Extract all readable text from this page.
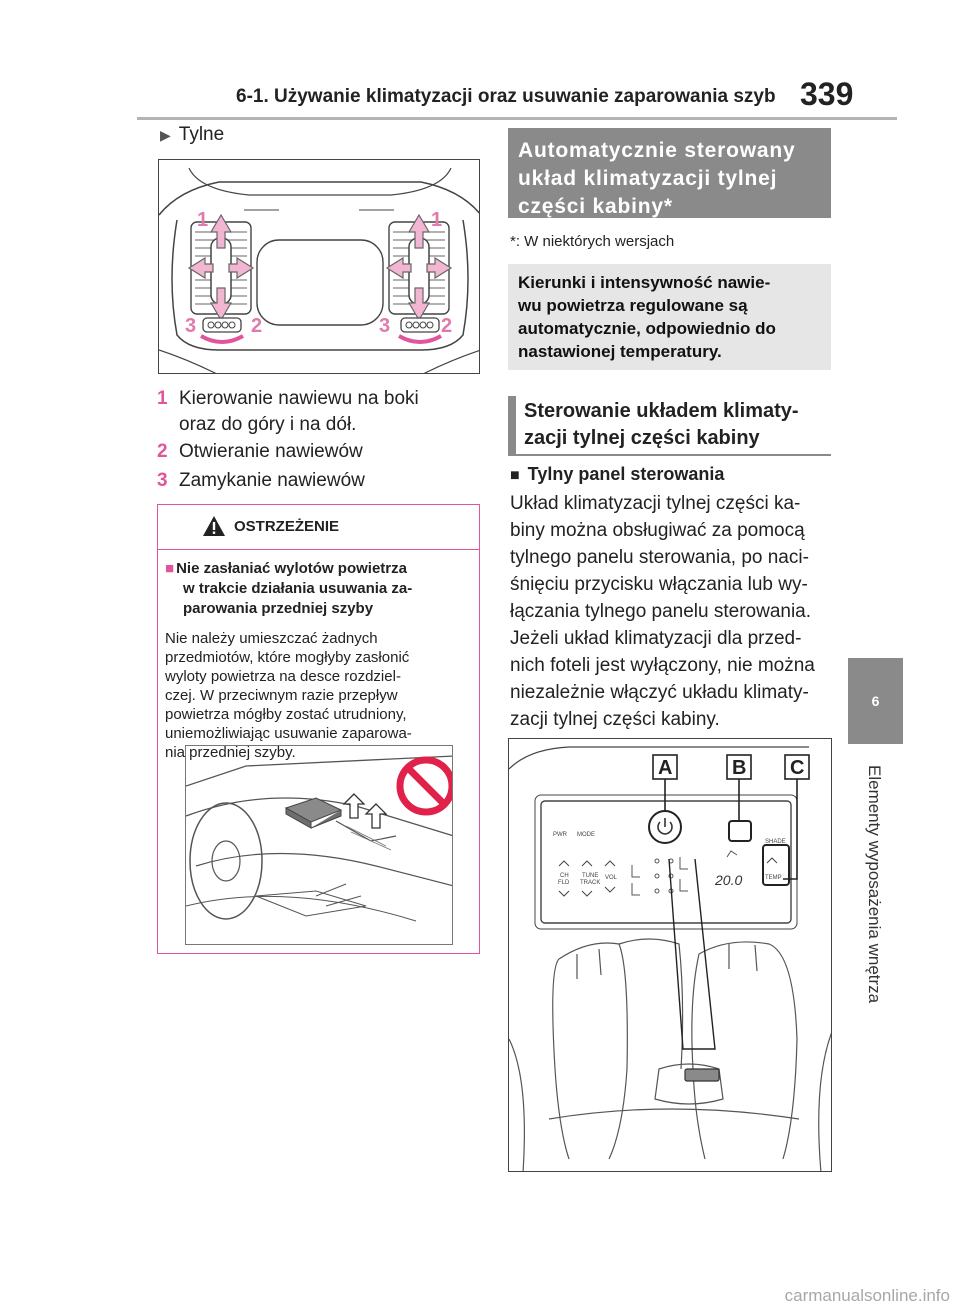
6-1. Używanie klimatyzacji oraz usuwanie zaparowania szyb 339
6
Elementy wyposażenia wnętrza
▶ Tylne
1	1
3	2	3	2
1 Kierowanie nawiewu na boki
oraz do góry i na dół.
2 Otwieranie nawiewów
3 Zamykanie nawiewów
OSTRZEŻENIE
■ Nie zasłaniać wylotów powietrza
w trakcie działania usuwania za-
parowania przedniej szyby
Nie należy umieszczać żadnych
przedmiotów, które mogłyby zasłonić
wyloty powietrza na desce rozdziel-
czej. W przeciwnym razie przepływ
powietrza mógłby zostać utrudniony,
uniemożliwiając usuwanie zaparowa-
nia przedniej szyby.
Automatycznie sterowany
układ klimatyzacji tylnej
części kabiny*
*: W niektórych wersjach
Kierunki i intensywność nawie-
wu powietrza regulowane są
automatycznie, odpowiednio do
nastawionej temperatury.
Sterowanie układem klimaty-
zacji tylnej części kabiny
■ Tylny panel sterowania
Układ klimatyzacji tylnej części ka-
biny można obsługiwać za pomocą
tylnego panelu sterowania, po naci-
śnięciu przycisku włączania lub wy-
łączania tylnego panelu sterowania.
Jeżeli układ klimatyzacji dla przed-
nich foteli jest wyłączony, nie można
niezależnie włączyć układu klimaty-
zacji tylnej części kabiny.
A	B C
PWR MODE
CH
FLD
TUNE
TRACK
VOL
SHADE
TEMP
20.0
carmanualsonline.info
